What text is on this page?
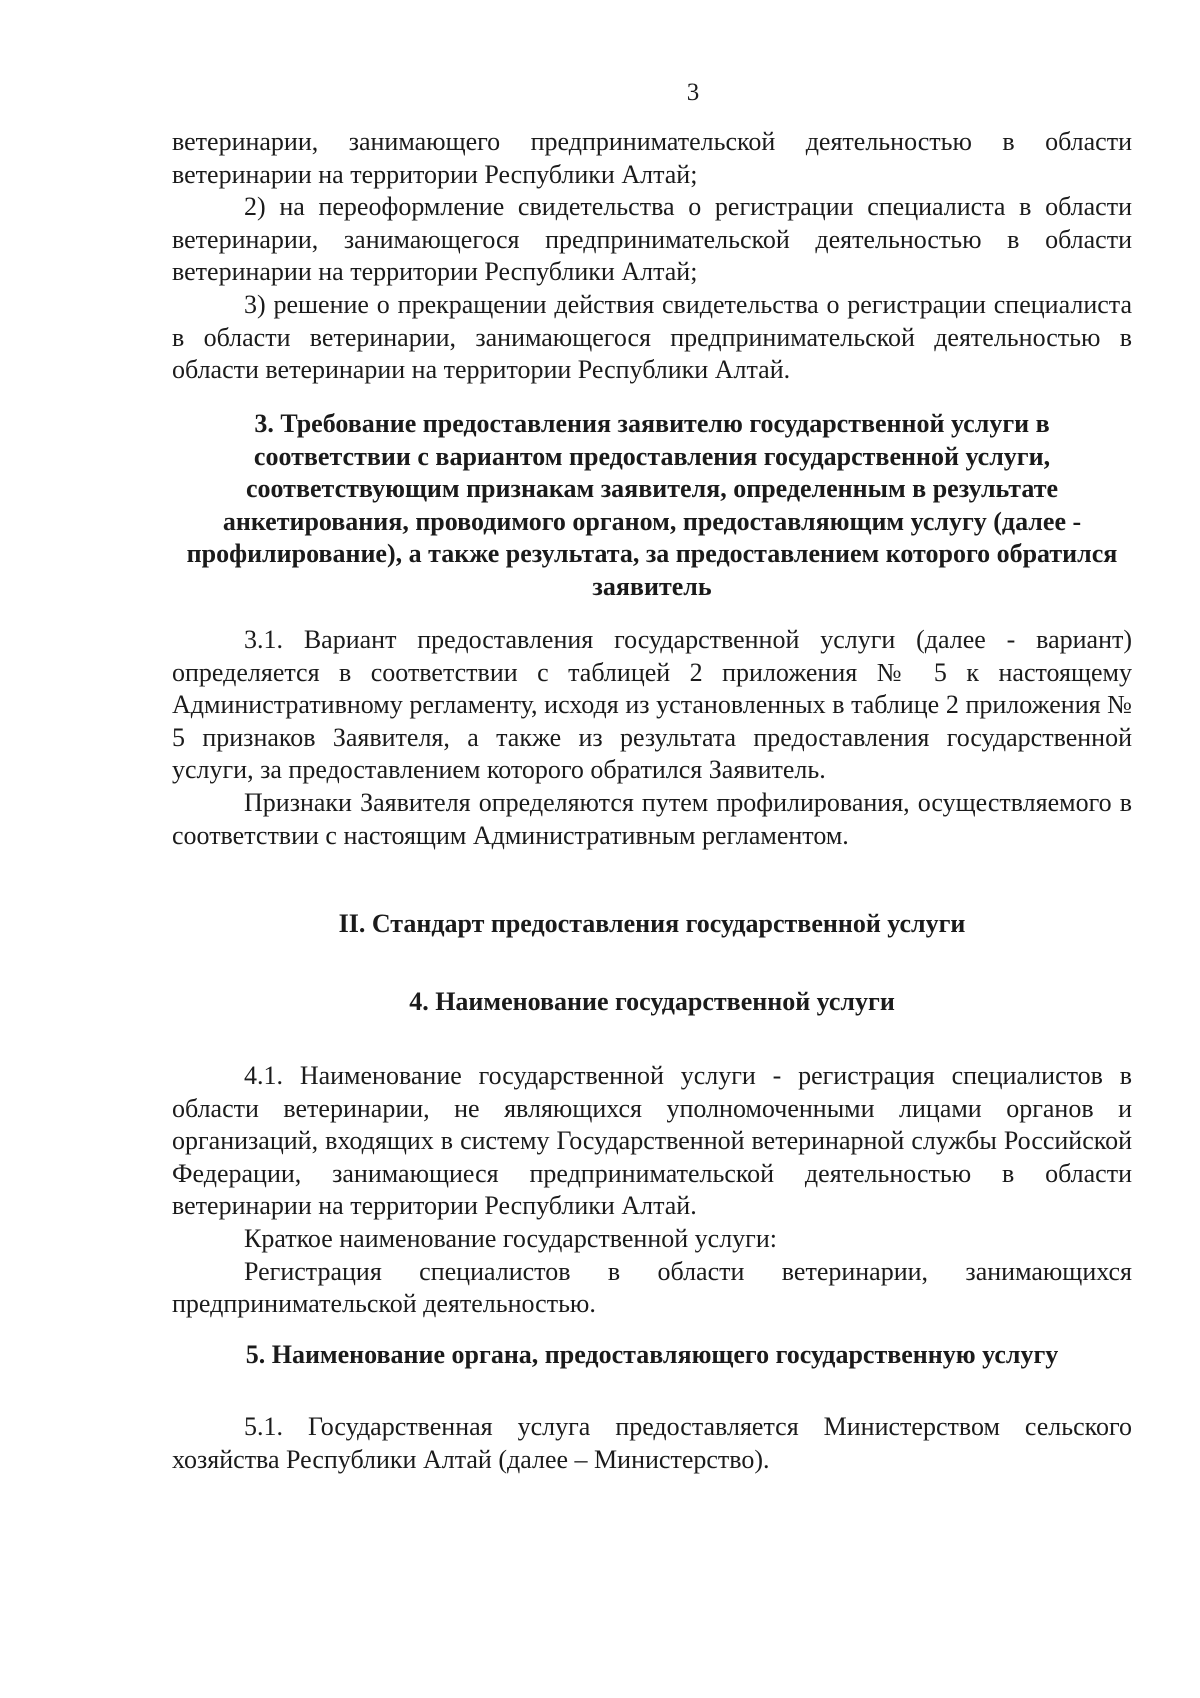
3

ветеринарии, занимающего предпринимательской деятельностью в области ветеринарии на территории Республики Алтай;

2) на переоформление свидетельства о регистрации специалиста в области ветеринарии, занимающегося предпринимательской деятельностью в области ветеринарии на территории Республики Алтай;

3) решение о прекращении действия свидетельства о регистрации специалиста в области ветеринарии, занимающегося предпринимательской деятельностью в области ветеринарии на территории Республики Алтай.

3. Требование предоставления заявителю государственной услуги в соответствии с вариантом предоставления государственной услуги, соответствующим признакам заявителя, определенным в результате анкетирования, проводимого органом, предоставляющим услугу (далее - профилирование), а также результата, за предоставлением которого обратился заявитель

3.1. Вариант предоставления государственной услуги (далее - вариант) определяется в соответствии с таблицей 2 приложения № 5 к настоящему Административному регламенту, исходя из установленных в таблице 2 приложения № 5 признаков Заявителя, а также из результата предоставления государственной услуги, за предоставлением которого обратился Заявитель.

Признаки Заявителя определяются путем профилирования, осуществляемого в соответствии с настоящим Административным регламентом.

II. Стандарт предоставления государственной услуги

4. Наименование государственной услуги

4.1. Наименование государственной услуги - регистрация специалистов в области ветеринарии, не являющихся уполномоченными лицами органов и организаций, входящих в систему Государственной ветеринарной службы Российской Федерации, занимающиеся предпринимательской деятельностью в области ветеринарии на территории Республики Алтай.

Краткое наименование государственной услуги:

Регистрация специалистов в области ветеринарии, занимающихся предпринимательской деятельностью.

5. Наименование органа, предоставляющего государственную услугу

5.1. Государственная услуга предоставляется Министерством сельского хозяйства Республики Алтай (далее – Министерство).
